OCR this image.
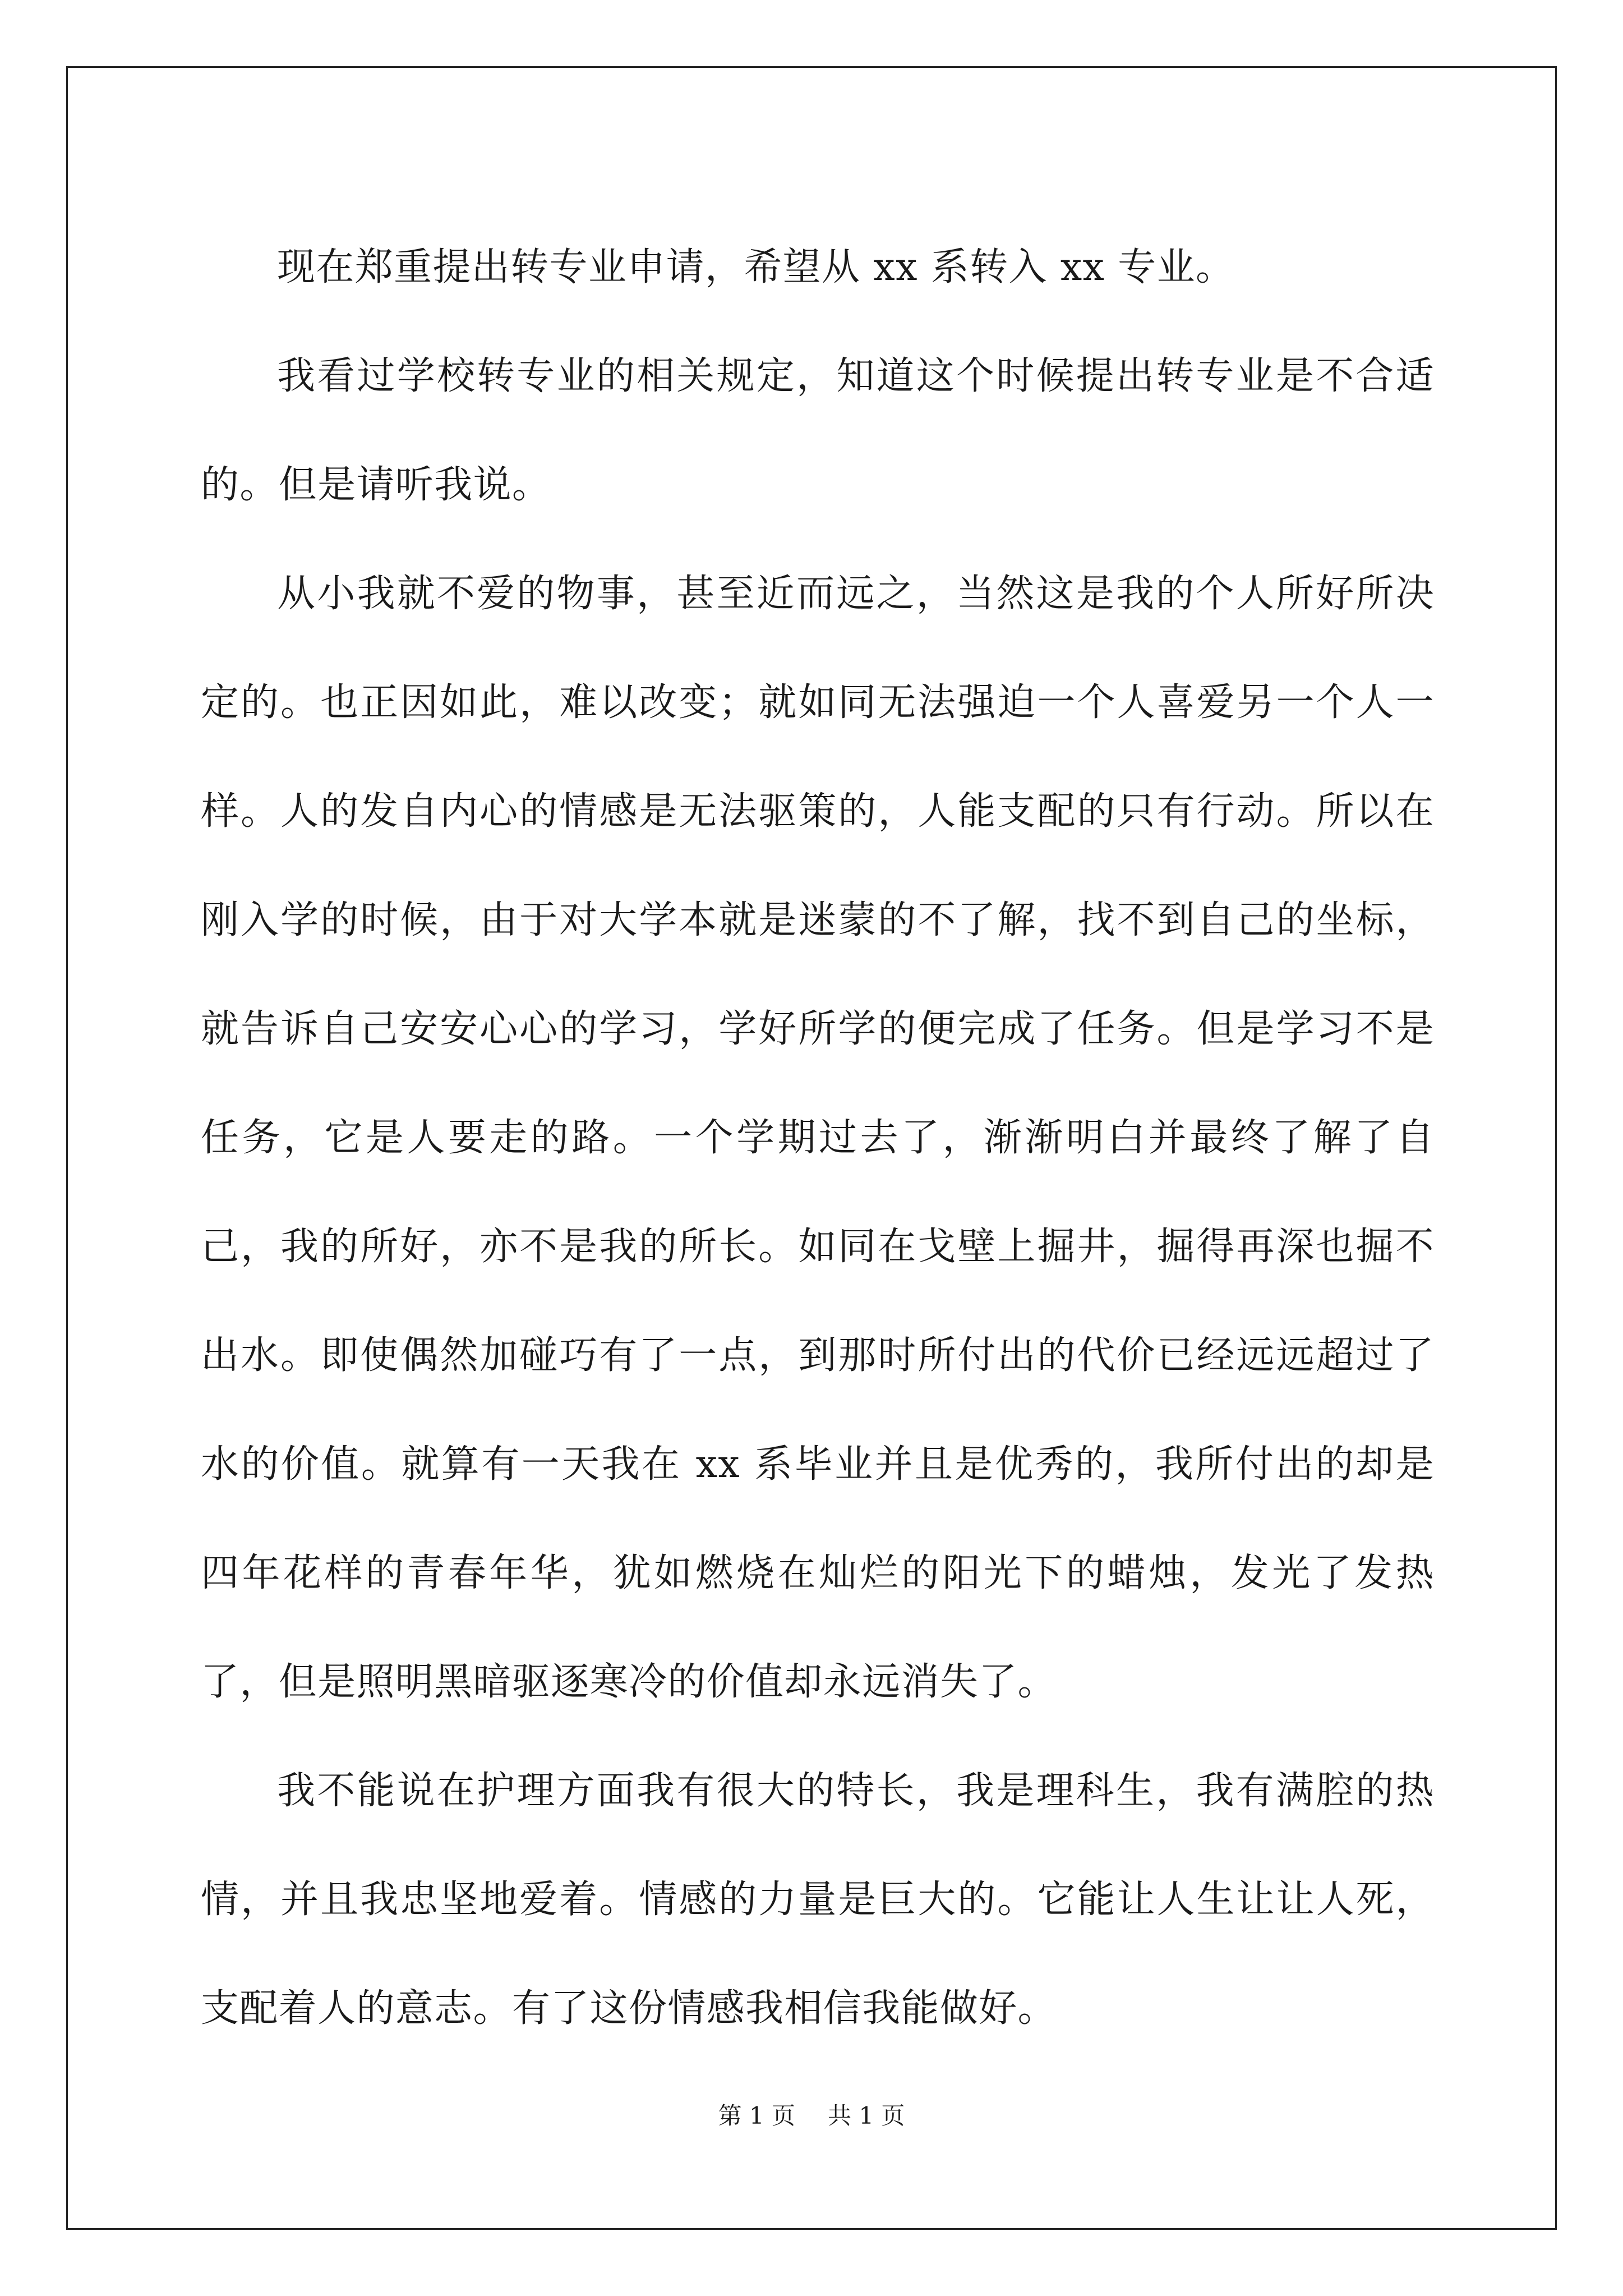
现在郑重提出转专业申请，希望从 xx 系转入 xx 专业。

我看过学校转专业的相关规定，知道这个时候提出转专业是不合适的。但是请听我说。

从小我就不爱的物事，甚至近而远之，当然这是我的个人所好所决定的。也正因如此，难以改变；就如同无法强迫一个人喜爱另一个人一样。人的发自内心的情感是无法驱策的，人能支配的只有行动。所以在刚入学的时候，由于对大学本就是迷蒙的不了解，找不到自己的坐标，就告诉自己安安心心的学习，学好所学的便完成了任务。但是学习不是任务，它是人要走的路。一个学期过去了，渐渐明白并最终了解了自己，我的所好，亦不是我的所长。如同在戈壁上掘井，掘得再深也掘不出水。即使偶然加碰巧有了一点，到那时所付出的代价已经远远超过了水的价值。就算有一天我在 xx 系毕业并且是优秀的，我所付出的却是四年花样的青春年华，犹如燃烧在灿烂的阳光下的蜡烛，发光了发热了，但是照明黑暗驱逐寒冷的价值却永远消失了。

我不能说在护理方面我有很大的特长，我是理科生，我有满腔的热情，并且我忠坚地爱着。情感的力量是巨大的。它能让人生让让人死，支配着人的意志。有了这份情感我相信我能做好。

第 1 页 共 1 页
